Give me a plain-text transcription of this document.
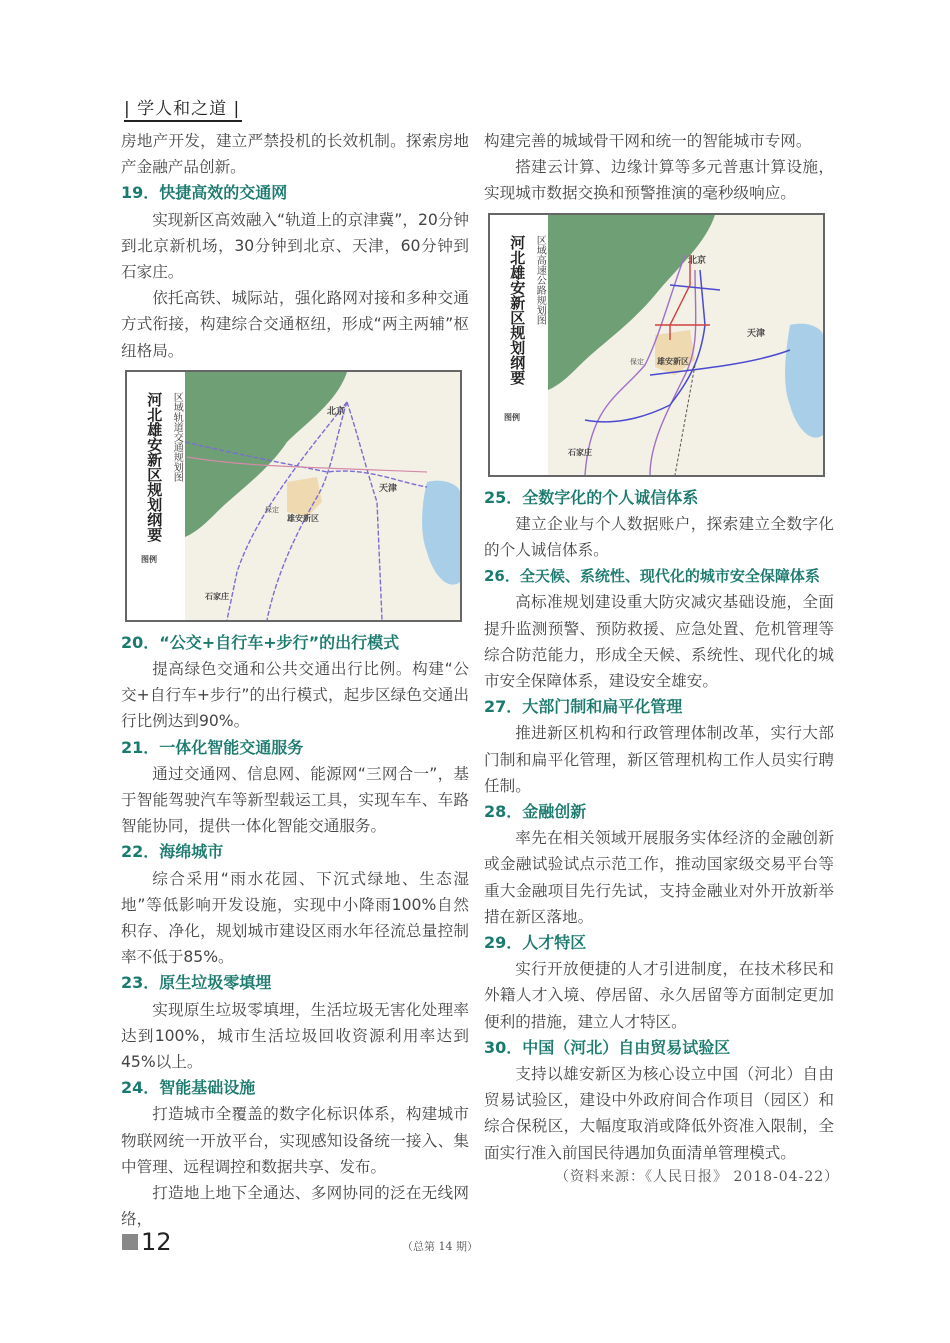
| 学人和之道 |

房地产开发，建立严禁投机的长效机制。探索房地产金融产品创新。

19．快捷高效的交通网

实现新区高效融入“轨道上的京津冀”，20分钟到北京新机场，30分钟到北京、天津，60分钟到石家庄。

依托高铁、城际站，强化路网对接和多种交通方式衔接，构建综合交通枢纽，形成“两主两辅”枢纽格局。

河北雄安新区规划纲要 区域轨道交通规划图
图例
北京
天津
保定
雄安新区
石家庄
20．“公交+自行车+步行”的出行模式

提高绿色交通和公共交通出行比例。构建“公交+自行车+步行”的出行模式，起步区绿色交通出行比例达到90%。

21．一体化智能交通服务

通过交通网、信息网、能源网“三网合一”，基于智能驾驶汽车等新型载运工具，实现车车、车路智能协同，提供一体化智能交通服务。

22．海绵城市

综合采用“雨水花园、下沉式绿地、生态湿地”等低影响开发设施，实现中小降雨100%自然积存、净化，规划城市建设区雨水年径流总量控制率不低于85%。

23．原生垃圾零填埋

实现原生垃圾零填埋，生活垃圾无害化处理率达到100%，城市生活垃圾回收资源利用率达到45%以上。

24．智能基础设施

打造城市全覆盖的数字化标识体系，构建城市物联网统一开放平台，实现感知设备统一接入、集中管理、远程调控和数据共享、发布。

打造地上地下全通达、多网协同的泛在无线网络，

构建完善的城域骨干网和统一的智能城市专网。

搭建云计算、边缘计算等多元普惠计算设施，实现城市数据交换和预警推演的毫秒级响应。

河北雄安新区规划纲要 区域高速公路规划图
图例
北京
天津
保定 雄安新区
石家庄
25．全数字化的个人诚信体系

建立企业与个人数据账户，探索建立全数字化的个人诚信体系。

26．全天候、系统性、现代化的城市安全保障体系

高标准规划建设重大防灾减灾基础设施，全面提升监测预警、预防救援、应急处置、危机管理等综合防范能力，形成全天候、系统性、现代化的城市安全保障体系，建设安全雄安。

27．大部门制和扁平化管理

推进新区机构和行政管理体制改革，实行大部门制和扁平化管理，新区管理机构工作人员实行聘任制。

28．金融创新

率先在相关领域开展服务实体经济的金融创新或金融试验试点示范工作，推动国家级交易平台等重大金融项目先行先试，支持金融业对外开放新举措在新区落地。

29．人才特区

实行开放便捷的人才引进制度，在技术移民和外籍人才入境、停居留、永久居留等方面制定更加便利的措施，建立人才特区。

30．中国（河北）自由贸易试验区

支持以雄安新区为核心设立中国（河北）自由贸易试验区，建设中外政府间合作项目（园区）和综合保税区，大幅度取消或降低外资准入限制，全面实行准入前国民待遇加负面清单管理模式。

（资料来源：《人民日报》 2018-04-22）
12	（总第 14 期）
